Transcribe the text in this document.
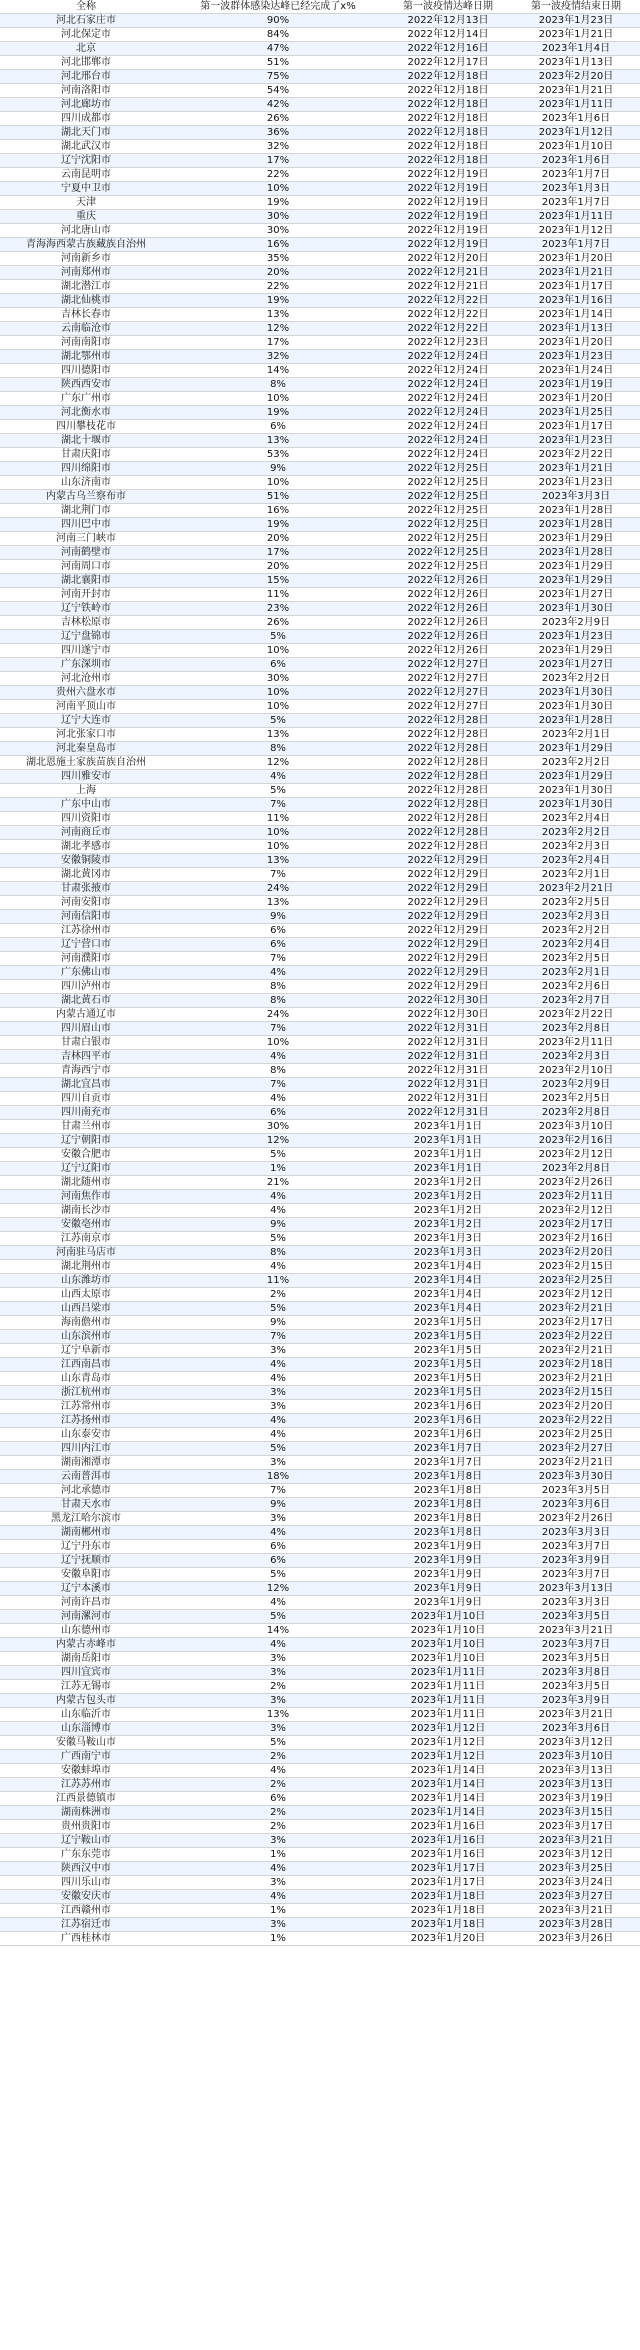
全称	第一波群体感染达峰已经完成了x%	第一波疫情达峰日期	第一波疫情结束日期
河北石家庄市	90%	2022年12月13日	2023年1月23日
河北保定市	84%	2022年12月14日	2023年1月21日
北京	47%	2022年12月16日	2023年1月4日
河北邯郸市	51%	2022年12月17日	2023年1月13日
河北邢台市	75%	2022年12月18日	2023年2月20日
河南洛阳市	54%	2022年12月18日	2023年1月21日
河北廊坊市	42%	2022年12月18日	2023年1月11日
四川成都市	26%	2022年12月18日	2023年1月6日
湖北天门市	36%	2022年12月18日	2023年1月12日
湖北武汉市	32%	2022年12月18日	2023年1月10日
辽宁沈阳市	17%	2022年12月18日	2023年1月6日
云南昆明市	22%	2022年12月19日	2023年1月7日
宁夏中卫市	10%	2022年12月19日	2023年1月3日
天津	19%	2022年12月19日	2023年1月7日
重庆	30%	2022年12月19日	2023年1月11日
河北唐山市	30%	2022年12月19日	2023年1月12日
青海海西蒙古族藏族自治州	16%	2022年12月19日	2023年1月7日
河南新乡市	35%	2022年12月20日	2023年1月20日
河南郑州市	20%	2022年12月21日	2023年1月21日
湖北潜江市	22%	2022年12月21日	2023年1月17日
湖北仙桃市	19%	2022年12月22日	2023年1月16日
吉林长春市	13%	2022年12月22日	2023年1月14日
云南临沧市	12%	2022年12月22日	2023年1月13日
河南南阳市	17%	2022年12月23日	2023年1月20日
湖北鄂州市	32%	2022年12月24日	2023年1月23日
四川德阳市	14%	2022年12月24日	2023年1月24日
陕西西安市	8%	2022年12月24日	2023年1月19日
广东广州市	10%	2022年12月24日	2023年1月20日
河北衡水市	19%	2022年12月24日	2023年1月25日
四川攀枝花市	6%	2022年12月24日	2023年1月17日
湖北十堰市	13%	2022年12月24日	2023年1月23日
甘肃庆阳市	53%	2022年12月24日	2023年2月22日
四川绵阳市	9%	2022年12月25日	2023年1月21日
山东济南市	10%	2022年12月25日	2023年1月23日
内蒙古乌兰察布市	51%	2022年12月25日	2023年3月3日
湖北荆门市	16%	2022年12月25日	2023年1月28日
四川巴中市	19%	2022年12月25日	2023年1月28日
河南三门峡市	20%	2022年12月25日	2023年1月29日
河南鹤壁市	17%	2022年12月25日	2023年1月28日
河南周口市	20%	2022年12月25日	2023年1月29日
湖北襄阳市	15%	2022年12月26日	2023年1月29日
河南开封市	11%	2022年12月26日	2023年1月27日
辽宁铁岭市	23%	2022年12月26日	2023年1月30日
吉林松原市	26%	2022年12月26日	2023年2月9日
辽宁盘锦市	5%	2022年12月26日	2023年1月23日
四川遂宁市	10%	2022年12月26日	2023年1月29日
广东深圳市	6%	2022年12月27日	2023年1月27日
河北沧州市	30%	2022年12月27日	2023年2月2日
贵州六盘水市	10%	2022年12月27日	2023年1月30日
河南平顶山市	10%	2022年12月27日	2023年1月30日
辽宁大连市	5%	2022年12月28日	2023年1月28日
河北张家口市	13%	2022年12月28日	2023年2月1日
河北秦皇岛市	8%	2022年12月28日	2023年1月29日
湖北恩施土家族苗族自治州	12%	2022年12月28日	2023年2月2日
四川雅安市	4%	2022年12月28日	2023年1月29日
上海	5%	2022年12月28日	2023年1月30日
广东中山市	7%	2022年12月28日	2023年1月30日
四川资阳市	11%	2022年12月28日	2023年2月4日
河南商丘市	10%	2022年12月28日	2023年2月2日
湖北孝感市	10%	2022年12月28日	2023年2月3日
安徽铜陵市	13%	2022年12月29日	2023年2月4日
湖北黄冈市	7%	2022年12月29日	2023年2月1日
甘肃张掖市	24%	2022年12月29日	2023年2月21日
河南安阳市	13%	2022年12月29日	2023年2月5日
河南信阳市	9%	2022年12月29日	2023年2月3日
江苏徐州市	6%	2022年12月29日	2023年2月2日
辽宁营口市	6%	2022年12月29日	2023年2月4日
河南濮阳市	7%	2022年12月29日	2023年2月5日
广东佛山市	4%	2022年12月29日	2023年2月1日
四川泸州市	8%	2022年12月29日	2023年2月6日
湖北黄石市	8%	2022年12月30日	2023年2月7日
内蒙古通辽市	24%	2022年12月30日	2023年2月22日
四川眉山市	7%	2022年12月31日	2023年2月8日
甘肃白银市	10%	2022年12月31日	2023年2月11日
吉林四平市	4%	2022年12月31日	2023年2月3日
青海西宁市	8%	2022年12月31日	2023年2月10日
湖北宜昌市	7%	2022年12月31日	2023年2月9日
四川自贡市	4%	2022年12月31日	2023年2月5日
四川南充市	6%	2022年12月31日	2023年2月8日
甘肃兰州市	30%	2023年1月1日	2023年3月10日
辽宁朝阳市	12%	2023年1月1日	2023年2月16日
安徽合肥市	5%	2023年1月1日	2023年2月12日
辽宁辽阳市	1%	2023年1月1日	2023年2月8日
湖北随州市	21%	2023年1月2日	2023年2月26日
河南焦作市	4%	2023年1月2日	2023年2月11日
湖南长沙市	4%	2023年1月2日	2023年2月12日
安徽亳州市	9%	2023年1月2日	2023年2月17日
江苏南京市	5%	2023年1月3日	2023年2月16日
河南驻马店市	8%	2023年1月3日	2023年2月20日
湖北荆州市	4%	2023年1月4日	2023年2月15日
山东潍坊市	11%	2023年1月4日	2023年2月25日
山西太原市	2%	2023年1月4日	2023年2月12日
山西吕梁市	5%	2023年1月4日	2023年2月21日
海南儋州市	9%	2023年1月5日	2023年2月17日
山东滨州市	7%	2023年1月5日	2023年2月22日
辽宁阜新市	3%	2023年1月5日	2023年2月21日
江西南昌市	4%	2023年1月5日	2023年2月18日
山东青岛市	4%	2023年1月5日	2023年2月21日
浙江杭州市	3%	2023年1月5日	2023年2月15日
江苏常州市	3%	2023年1月6日	2023年2月20日
江苏扬州市	4%	2023年1月6日	2023年2月22日
山东泰安市	4%	2023年1月6日	2023年2月25日
四川内江市	5%	2023年1月7日	2023年2月27日
湖南湘潭市	3%	2023年1月7日	2023年2月21日
云南普洱市	18%	2023年1月8日	2023年3月30日
河北承德市	7%	2023年1月8日	2023年3月5日
甘肃天水市	9%	2023年1月8日	2023年3月6日
黑龙江哈尔滨市	3%	2023年1月8日	2023年2月26日
湖南郴州市	4%	2023年1月8日	2023年3月3日
辽宁丹东市	6%	2023年1月9日	2023年3月7日
辽宁抚顺市	6%	2023年1月9日	2023年3月9日
安徽阜阳市	5%	2023年1月9日	2023年3月7日
辽宁本溪市	12%	2023年1月9日	2023年3月13日
河南许昌市	4%	2023年1月9日	2023年3月3日
河南漯河市	5%	2023年1月10日	2023年3月5日
山东德州市	14%	2023年1月10日	2023年3月21日
内蒙古赤峰市	4%	2023年1月10日	2023年3月7日
湖南岳阳市	3%	2023年1月10日	2023年3月5日
四川宜宾市	3%	2023年1月11日	2023年3月8日
江苏无锡市	2%	2023年1月11日	2023年3月5日
内蒙古包头市	3%	2023年1月11日	2023年3月9日
山东临沂市	13%	2023年1月11日	2023年3月21日
山东淄博市	3%	2023年1月12日	2023年3月6日
安徽马鞍山市	5%	2023年1月12日	2023年3月12日
广西南宁市	2%	2023年1月12日	2023年3月10日
安徽蚌埠市	4%	2023年1月14日	2023年3月13日
江苏苏州市	2%	2023年1月14日	2023年3月13日
江西景德镇市	6%	2023年1月14日	2023年3月19日
湖南株洲市	2%	2023年1月14日	2023年3月15日
贵州贵阳市	2%	2023年1月16日	2023年3月17日
辽宁鞍山市	3%	2023年1月16日	2023年3月21日
广东东莞市	1%	2023年1月16日	2023年3月12日
陕西汉中市	4%	2023年1月17日	2023年3月25日
四川乐山市	3%	2023年1月17日	2023年3月24日
安徽安庆市	4%	2023年1月18日	2023年3月27日
江西赣州市	1%	2023年1月18日	2023年3月21日
江苏宿迁市	3%	2023年1月18日	2023年3月28日
广西桂林市	1%	2023年1月20日	2023年3月26日
